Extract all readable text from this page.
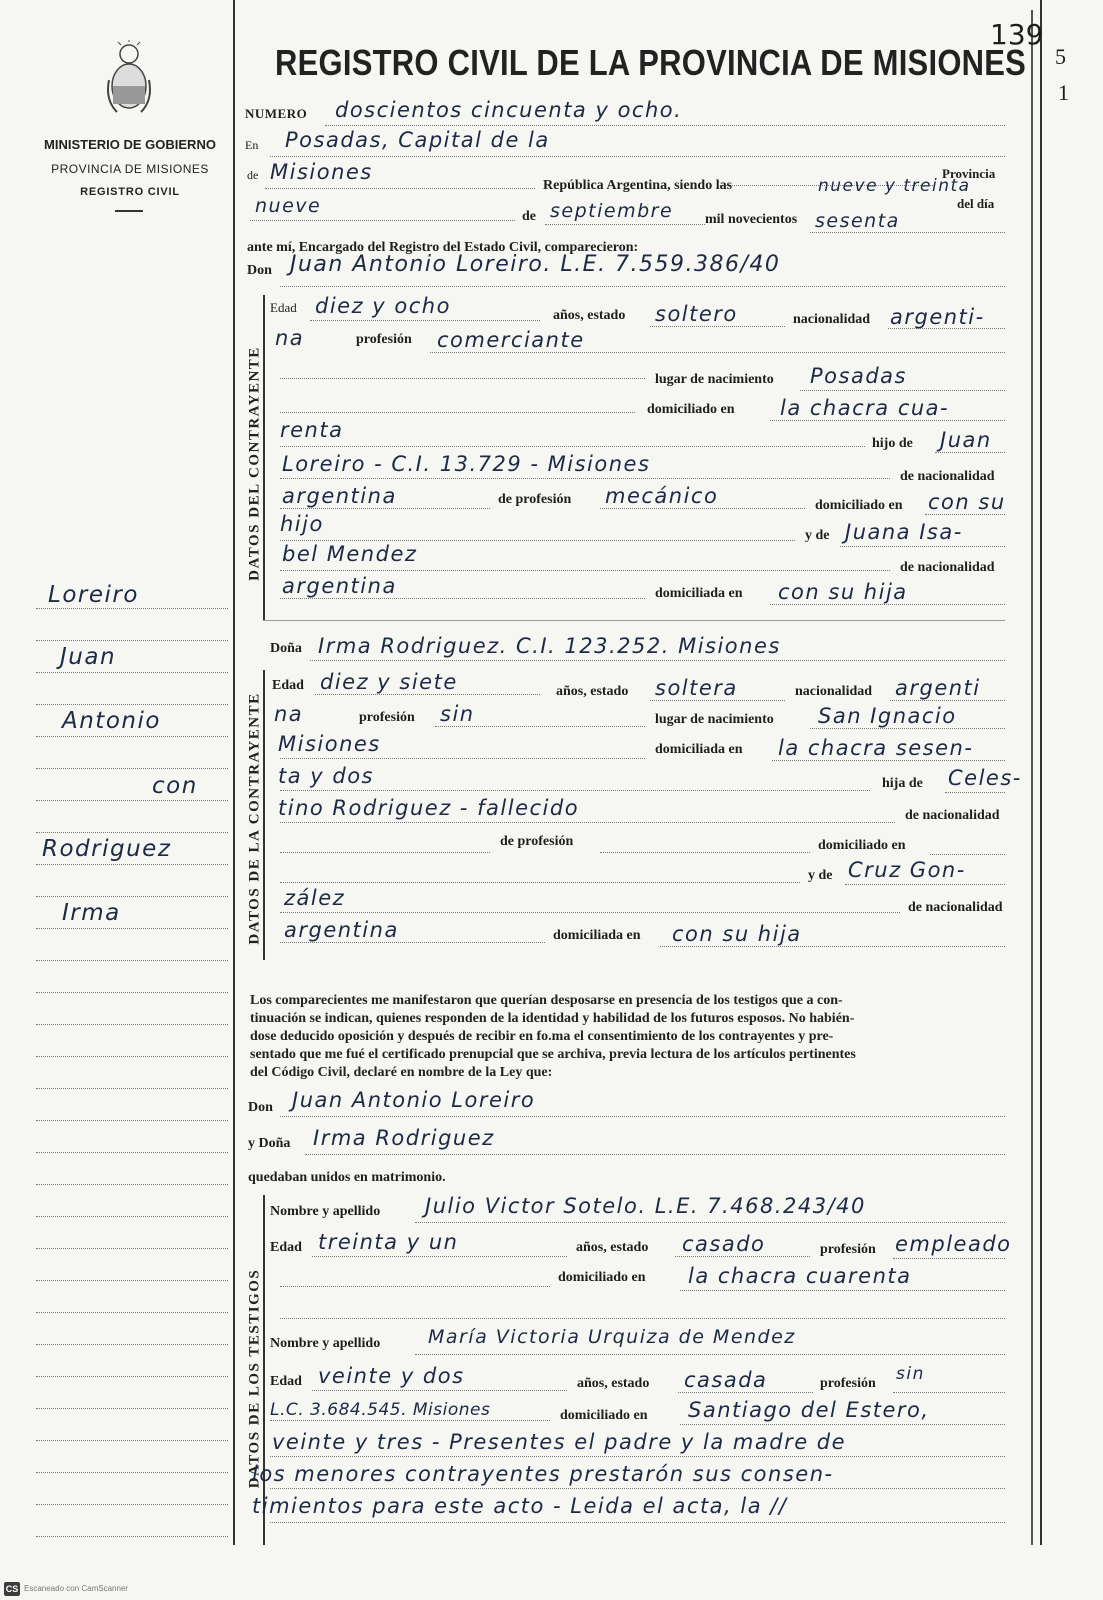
139
5
1
MINISTERIO DE GOBIERNO
PROVINCIA DE MISIONES
REGISTRO CIVIL
REGISTRO CIVIL DE LA PROVINCIA DE MISIONES
Loreiro
Juan
Antonio
con
Rodriguez
Irma
NUMERO doscientos cincuenta y ocho.
En Posadas, Capital de la
de Misiones	Provincia
República Argentina, siendo las	nueve y treinta
nueve	del día
de septiembre mil novecientos sesenta
ante mí, Encargado del Registro del Estado Civil, comparecieron:
Don Juan Antonio Loreiro. L.E. 7.559.386/40
DATOS DEL CONTRAYENTE
Edad diez y ocho	años, estado soltero	nacionalidad argenti-
na	profesión comerciante
lugar de nacimiento Posadas
domiciliado en la chacra cua-
renta
hijo de Juan
Loreiro - C.I. 13.729 - Misiones
de nacionalidad
argentina	de profesión mecánico	domiciliado en con su
hijo	y de Juana Isa-
bel Mendez
de nacionalidad
argentina	domiciliada en con su hija
Doña Irma Rodriguez. C.I. 123.252. Misiones
DATOS DE LA CONTRAYENTE
Edad diez y siete	años, estado soltera	nacionalidad argenti
na	profesión sin	lugar de nacimiento San Ignacio
Misiones	domiciliada en la chacra sesen-
ta y dos	hija de Celes-
tino Rodriguez - fallecido	de nacionalidad
de profesión	domiciliado en
y de Cruz Gon-
zález	de nacionalidad
argentina	domiciliada en con su hija
Los comparecientes me manifestaron que querían desposarse en presencia de los testigos que a con-
tinuación se indican, quienes responden de la identidad y habilidad de los futuros esposos. No habién-
dose deducido oposición y después de recibir en fo.ma el consentimiento de los contrayentes y pre-
sentado que me fué el certificado prenupcial que se archiva, previa lectura de los artículos pertinentes
del Código Civil, declaré en nombre de la Ley que:
Don Juan Antonio Loreiro
y Doña Irma Rodriguez
quedaban unidos en matrimonio.
DATOS DE LOS TESTIGOS
Nombre y apellido Julio Victor Sotelo. L.E. 7.468.243/40
Edad treinta y un	años, estado casado	profesión empleado
domiciliado en la chacra cuarenta
Nombre y apellido	María Victoria Urquiza de Mendez
Edad veinte y dos	años, estado casada	profesión sin
L.C. 3.684.545. Misiones	domiciliado en Santiago del Estero,
veinte y tres - Presentes el padre y la madre de
los menores contrayentes prestarón sus consen-
timientos para este acto - Leida el acta, la //
CS Escaneado con CamScanner
